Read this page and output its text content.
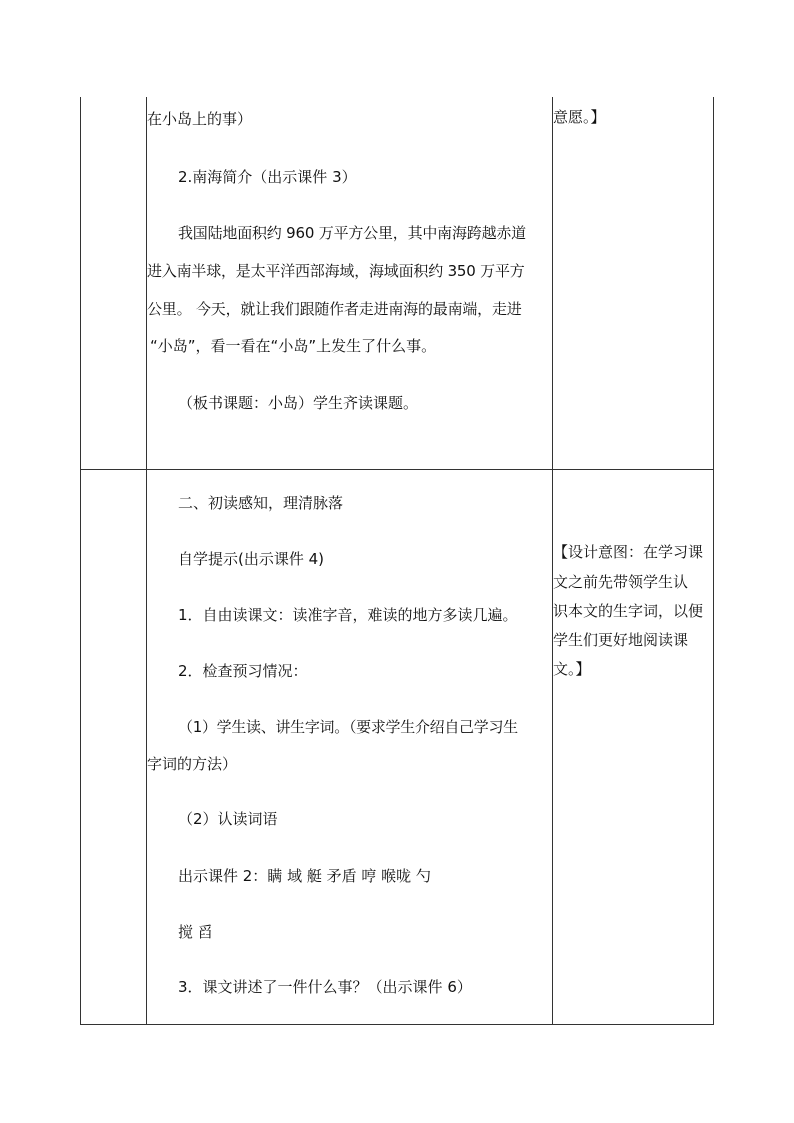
在小岛上的事）
2.南海简介（出示课件 3）
我国陆地面积约 960 万平方公里，其中南海跨越赤道
进入南半球，是太平洋西部海域，海域面积约 350 万平方
公里。 今天，就让我们跟随作者走进南海的最南端，走进
“小岛”，看一看在“小岛”上发生了什么事。
（板书课题：小岛）学生齐读课题。
意愿。】
二、初读感知，理清脉落
自学提示(出示课件 4)
1．自由读课文：读准字音，难读的地方多读几遍。
2．检查预习情况：
（1）学生读、讲生字词。（要求学生介绍自己学习生
字词的方法）
（2）认读词语
出示课件 2：瞒 域 艇 矛盾 哼 喉咙 勺
搅 舀
3．课文讲述了一件什么事？（出示课件 6）
【设计意图：在学习课
文之前先带领学生认
识本文的生字词，以便
学生们更好地阅读课
文。】
